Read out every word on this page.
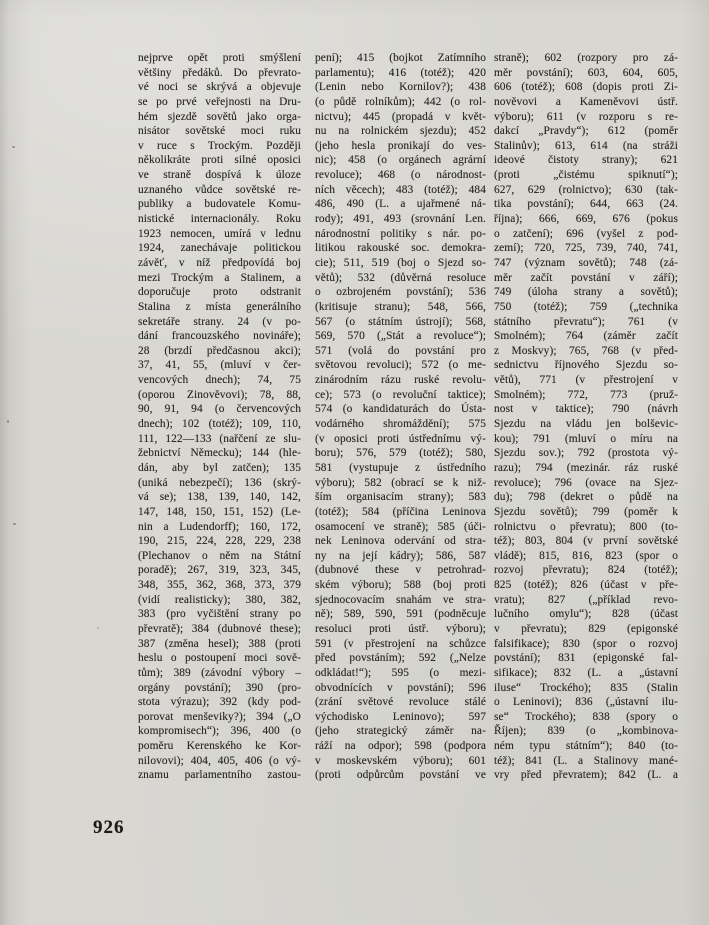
nejprve opět proti smýšlení
většiny předáků. Do převrato-
vé noci se skrývá a objevuje
se po prvé veřejnosti na Dru-
hém sjezdě sovětů jako orga-
nisátor sovětské moci ruku
v ruce s Trockým. Později
několikráte proti silné oposici
ve straně dospívá k úloze
uznaného vůdce sovětské re-
publiky a budovatele Komu-
nistické internacionály. Roku
1923 nemocen, umírá v lednu
1924, zanechávaje politickou
závěť, v níž předpovídá boj
mezi Trockým a Stalinem, a
doporučuje proto odstranit
Stalina z místa generálního
sekretáře strany. 24 (v po-
dání francouzského novináře);
28 (brzdí předčasnou akci);
37, 41, 55, (mluví v čer-
vencových dnech); 74, 75
(oporou Zinověvovi); 78, 88,
90, 91, 94 (o červencových
dnech); 102 (totéž); 109, 110,
111, 122—133 (nařčení ze slu-
žebnictví Německu); 144 (hle-
dán, aby byl zatčen); 135
(uniká nebezpečí); 136 (skrý-
vá se); 138, 139, 140, 142,
147, 148, 150, 151, 152) (Le-
nin a Ludendorff); 160, 172,
190, 215, 224, 228, 229, 238
(Plechanov o něm na Státní
poradě); 267, 319, 323, 345,
348, 355, 362, 368, 373, 379
(vidí realisticky); 380, 382,
383 (pro vyčištění strany po
převratě); 384 (dubnové these);
387 (změna hesel); 388 (proti
heslu o postoupení moci sově-
tům); 389 (závodní výbory –
orgány povstání); 390 (pro-
stota výrazu); 392 (kdy pod-
porovat menševiky?); 394 („O
kompromisech“); 396, 400 (o
poměru Kerenského ke Kor-
nilovovi); 404, 405, 406 (o vý-
znamu parlamentního zastou-
pení); 415 (bojkot Zatímního
parlamentu); 416 (totéž); 420
(Lenin nebo Kornilov?); 438
(o půdě rolníkům); 442 (o rol-
nictvu); 445 (propadá v květ-
nu na rolnickém sjezdu); 452
(jeho hesla pronikají do ves-
nic); 458 (o orgánech agrární
revoluce); 468 (o národnost-
ních věcech); 483 (totéž); 484
486, 490 (L. a ujařmené ná-
rody); 491, 493 (srovnání Len.
národnostní politiky s nár. po-
litikou rakouské soc. demokra-
cie); 511, 519 (boj o Sjezd so-
větů); 532 (důvěrná resoluce
o ozbrojeném povstání); 536
(kritisuje stranu); 548, 566,
567 (o státním ústrojí); 568,
569, 570 („Stát a revoluce“);
571 (volá do povstání pro
světovou revoluci); 572 (o me-
zinárodním rázu ruské revolu-
ce); 573 (o revoluční taktice);
574 (o kandidaturách do Ústa-
vodárného shromáždění); 575
(v oposici proti ústřednímu vý-
boru); 576, 579 (totéž); 580,
581 (vystupuje z ústředního
výboru); 582 (obrací se k niž-
ším organisacím strany); 583
(totéž); 584 (příčina Leninova
osamocení ve straně); 585 (úči-
nek Leninova odervání od stra-
ny na její kádry); 586, 587
(dubnové these v petrohrad-
ském výboru); 588 (boj proti
sjednocovacím snahám ve stra-
ně); 589, 590, 591 (podněcuje
resoluci proti ústř. výboru);
591 (v přestrojení na schůzce
před povstáním); 592 („Nelze
odkládat!“); 595 (o mezi-
obvodnících v povstání); 596
(zrání světové revoluce stálé
východisko Leninovo); 597
(jeho strategický záměr na-
ráží na odpor); 598 (podpora
v moskevském výboru); 601
(proti odpůrcům povstání ve
straně); 602 (rozpory pro zá-
měr povstání); 603, 604, 605,
606 (totéž); 608 (dopis proti Zi-
nověvovi a Kameněvovi ústř.
výboru); 611 (v rozporu s re-
dakcí „Pravdy“); 612 (poměr
Stalinův); 613, 614 (na stráži
ideové čistoty strany); 621
(proti „čistému spiknutí“);
627, 629 (rolnictvo); 630 (tak-
tika povstání); 644, 663 (24.
října); 666, 669, 676 (pokus
o zatčení); 696 (vyšel z pod-
zemí); 720, 725, 739, 740, 741,
747 (význam sovětů); 748 (zá-
měr začít povstání v září);
749 (úloha strany a sovětů);
750 (totéž); 759 („technika
státního převratu“); 761 (v
Smolném); 764 (záměr začít
z Moskvy); 765, 768 (v před-
sednictvu říjnového Sjezdu so-
větů), 771 (v přestrojení v
Smolném); 772, 773 (pruž-
nost v taktice); 790 (návrh
Sjezdu na vládu jen bolševic-
kou); 791 (mluví o míru na
Sjezdu sov.); 792 (prostota vý-
razu); 794 (mezinár. ráz ruské
revoluce); 796 (ovace na Sjez-
du); 798 (dekret o půdě na
Sjezdu sovětů); 799 (poměr k
rolnictvu o převratu); 800 (to-
též); 803, 804 (v první sovětské
vládě); 815, 816, 823 (spor o
rozvoj převratu); 824 (totéž);
825 (totéž); 826 (účast v pře-
vratu); 827 („příklad revo-
lučního omylu“); 828 (účast
v převratu); 829 (epigonské
falsifikace); 830 (spor o rozvoj
povstání); 831 (epigonské fal-
sifikace); 832 (L. a „ústavní
iluse“ Trockého); 835 (Stalin
o Leninovi); 836 („ústavní ilu-
se“ Trockého); 838 (spory o
Říjen); 839 (o „kombinova-
ném typu státním“); 840 (to-
též); 841 (L. a Stalinovy mané-
vry před převratem); 842 (L. a
926
